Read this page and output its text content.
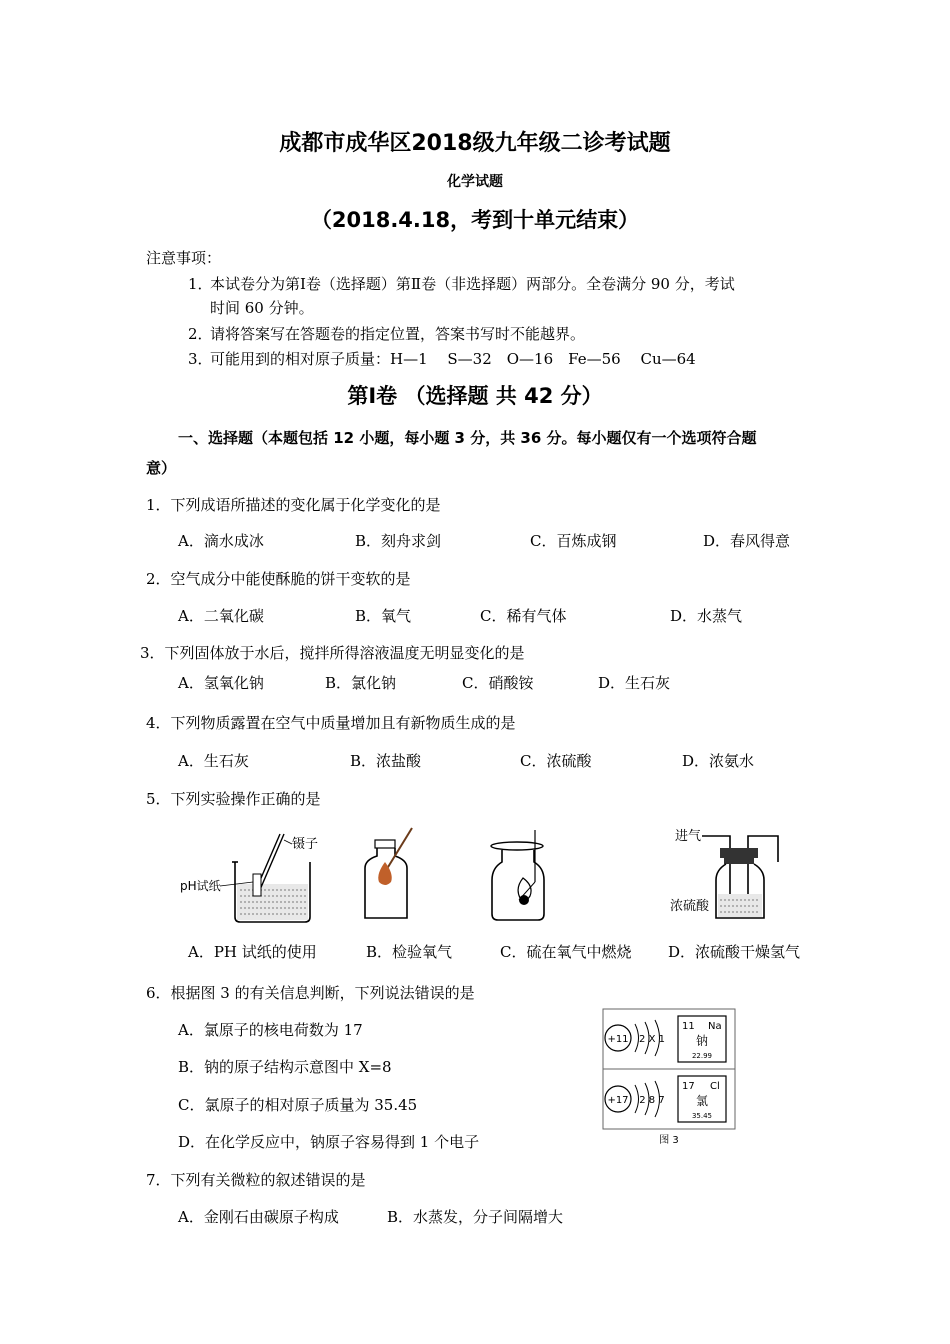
成都市成华区2018级九年级二诊考试题
化学试题
（2018.4.18，考到十单元结束）
注意事项：
1．
本试卷分为第Ⅰ卷（选择题）第Ⅱ卷（非选择题）两部分。全卷满分 90 分，考试
时间 60 分钟。
2．
请将答案写在答题卷的指定位置，答案书写时不能越界。
3．
可能用到的相对原子质量：H—1　 S—32　O—16　Fe—56　 Cu—64
第Ⅰ卷 （选择题 共 42 分）
一、选择题（本题包括 12 小题，每小题 3 分，共 36 分。每小题仅有一个选项符合题
意）
1．下列成语所描述的变化属于化学变化的是
A．滴水成冰	B．刻舟求剑	C．百炼成钢	D．春风得意
2．空气成分中能使酥脆的饼干变软的是
A．二氧化碳	B．氧气	C．稀有气体	D．水蒸气
3．下列固体放于水后，搅拌所得溶液温度无明显变化的是
A．氢氧化钠	B．氯化钠	C．硝酸铵	D．生石灰
4．下列物质露置在空气中质量增加且有新物质生成的是
A．生石灰	B．浓盐酸	C．浓硫酸	D．浓氨水
5．下列实验操作正确的是
pH试纸
镊子
进气
浓硫酸
A．PH 试纸的使用	B．检验氧气	C．硫在氧气中燃烧 D．浓硫酸干燥氢气
6．根据图 3 的有关信息判断，下列说法错误的是
A．氯原子的核电荷数为 17
B．钠的原子结构示意图中 X=8
C．氯原子的相对原子质量为 35.45
D．在化学反应中，钠原子容易得到 1 个电子
+11 2 X 1
11 Na
钠
22.99
+17 2 8 7
17 Cl
氯
35.45
图 3
7．下列有关微粒的叙述错误的是
A．金刚石由碳原子构成	B．水蒸发，分子间隔增大
